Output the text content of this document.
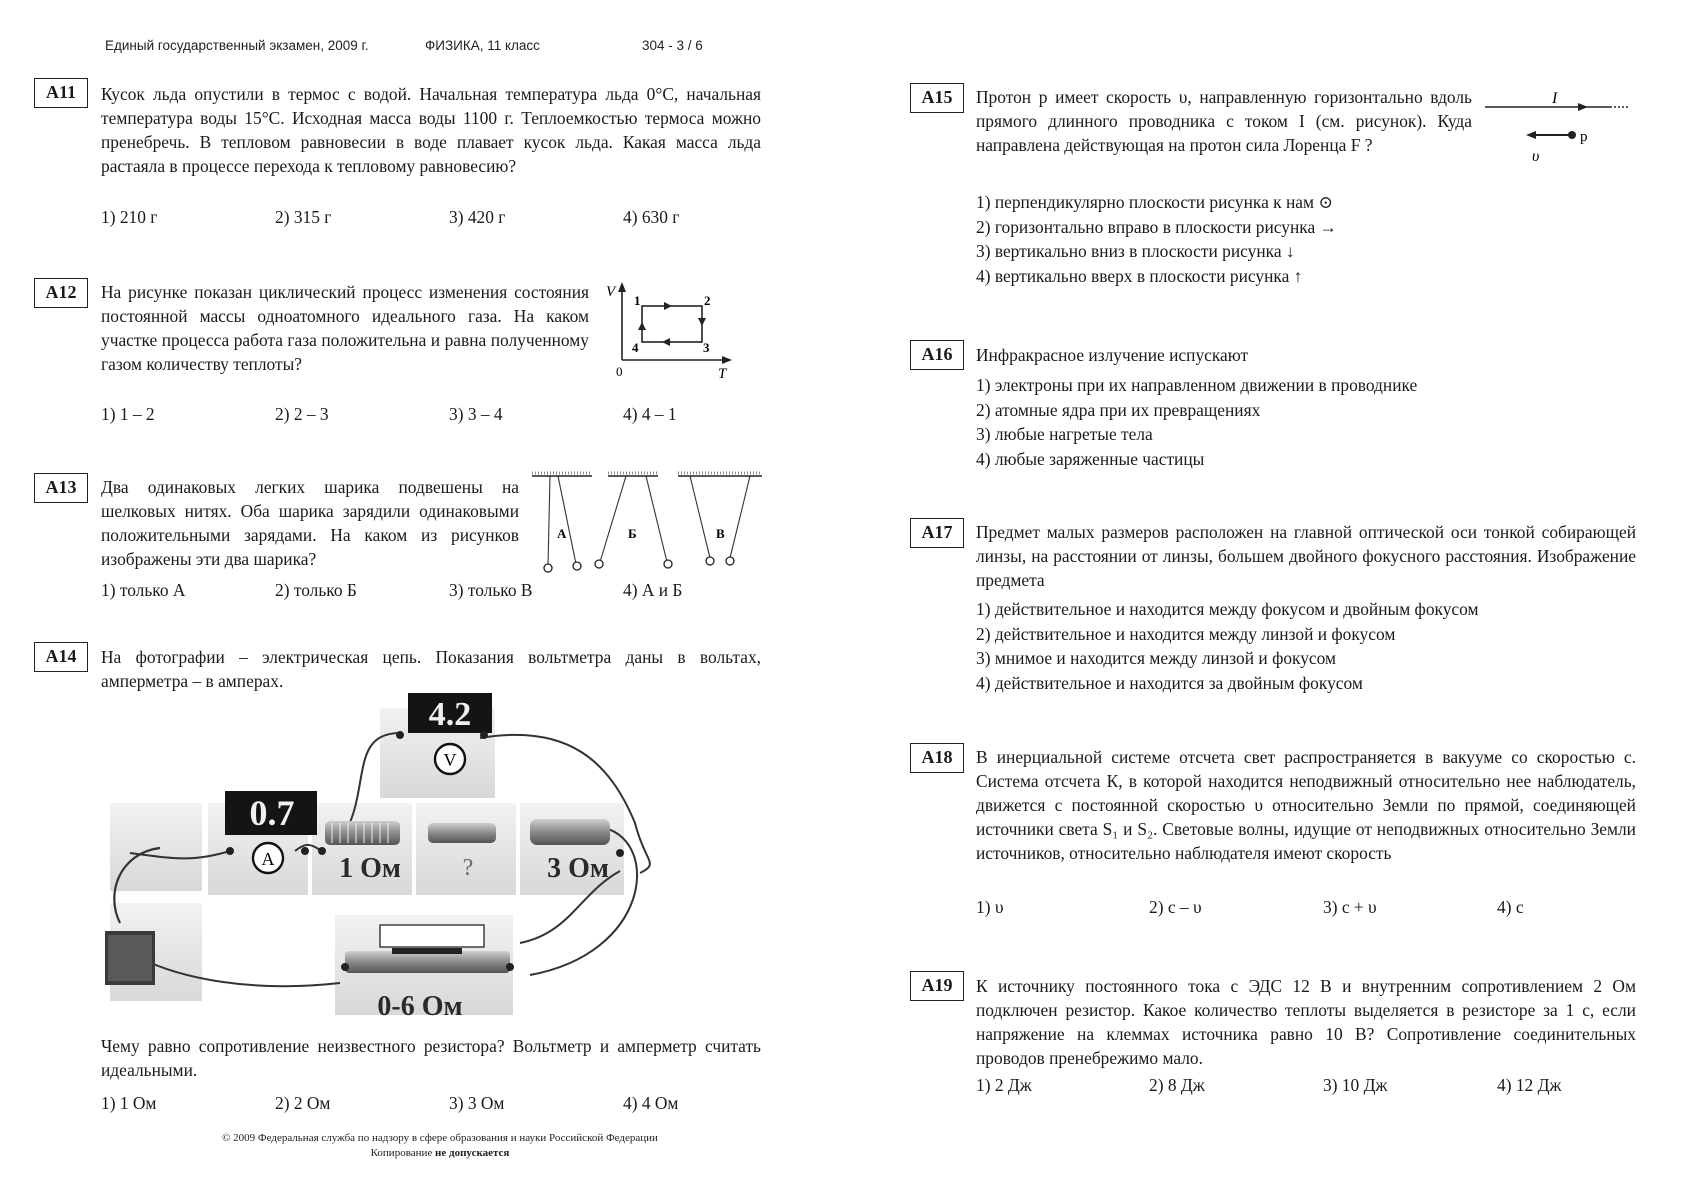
Единый государственный экзамен, 2009 г.	ФИЗИКА, 11 класс	304 - 3 / 6
A11	Кусок льда опустили в термос с водой. Начальная температура льда 0°С, начальная температура воды 15°С. Исходная масса воды 1100 г. Теплоемкостью термоса можно пренебречь. В тепловом равновесии в воде плавает кусок льда. Какая масса льда растаяла в процессе перехода к тепловому равновесию?
1) 210 г	2) 315 г	3) 420 г	4) 630 г
A12	На рисунке показан циклический процесс изменения состояния постоянной массы одноатомного идеального газа. На каком участке процесса работа газа положительна и равна полученному газом количеству теплоты?
V
T
0
1	2
3
4
1) 1 – 2	2) 2 – 3	3) 3 – 4	4) 4 – 1
A13	Два одинаковых легких шарика подвешены на шелковых нитях. Оба шарика зарядили одинаковыми положительными зарядами. На каком из рисунков изображены эти два шарика?
А	Б	В
1) только А	2) только Б	3) только В	4) А и Б
A14	На фотографии – электрическая цепь. Показания вольтметра даны в вольтах, амперметра – в амперах.
4.2
V
0.7
A 1 Ом	?	3 Ом
0-6 Ом
Чему равно сопротивление неизвестного резистора? Вольтметр и амперметр считать идеальными.
1) 1 Ом	2) 2 Ом	3) 3 Ом	4) 4 Ом
© 2009 Федеральная служба по надзору в сфере образования и науки Российской Федерации
Копирование не допускается
A15	Протон p имеет скорость υ, направленную горизонтально вдоль прямого длинного проводника с током I (см. рисунок). Куда направлена действующая на протон сила Лоренца F ?
I
p
υ
1) перпендикулярно плоскости рисунка к нам ⊙
2) горизонтально вправо в плоскости рисунка →
3) вертикально вниз в плоскости рисунка ↓
4) вертикально вверх в плоскости рисунка ↑
A16	Инфракрасное излучение испускают
1) электроны при их направленном движении в проводнике
2) атомные ядра при их превращениях
3) любые нагретые тела
4) любые заряженные частицы
A17	Предмет малых размеров расположен на главной оптической оси тонкой собирающей линзы, на расстоянии от линзы, большем двойного фокусного расстояния. Изображение предмета
1) действительное и находится между фокусом и двойным фокусом
2) действительное и находится между линзой и фокусом
3) мнимое и находится между линзой и фокусом
4) действительное и находится за двойным фокусом
A18	В инерциальной системе отсчета свет распространяется в вакууме со скоростью c. Система отсчета К, в которой находится неподвижный относительно нее наблюдатель, движется с постоянной скоростью υ относительно Земли по прямой, соединяющей источники света S₁ и S₂. Световые волны, идущие от неподвижных относительно Земли источников, относительно наблюдателя имеют скорость
1) υ	2) c – υ	3) c + υ	4) c
A19	К источнику постоянного тока с ЭДС 12 В и внутренним сопротивлением 2 Ом подключен резистор. Какое количество теплоты выделяется в резисторе за 1 с, если напряжение на клеммах источника равно 10 В? Сопротивление соединительных проводов пренебрежимо мало.
1) 2 Дж	2) 8 Дж	3) 10 Дж	4) 12 Дж
